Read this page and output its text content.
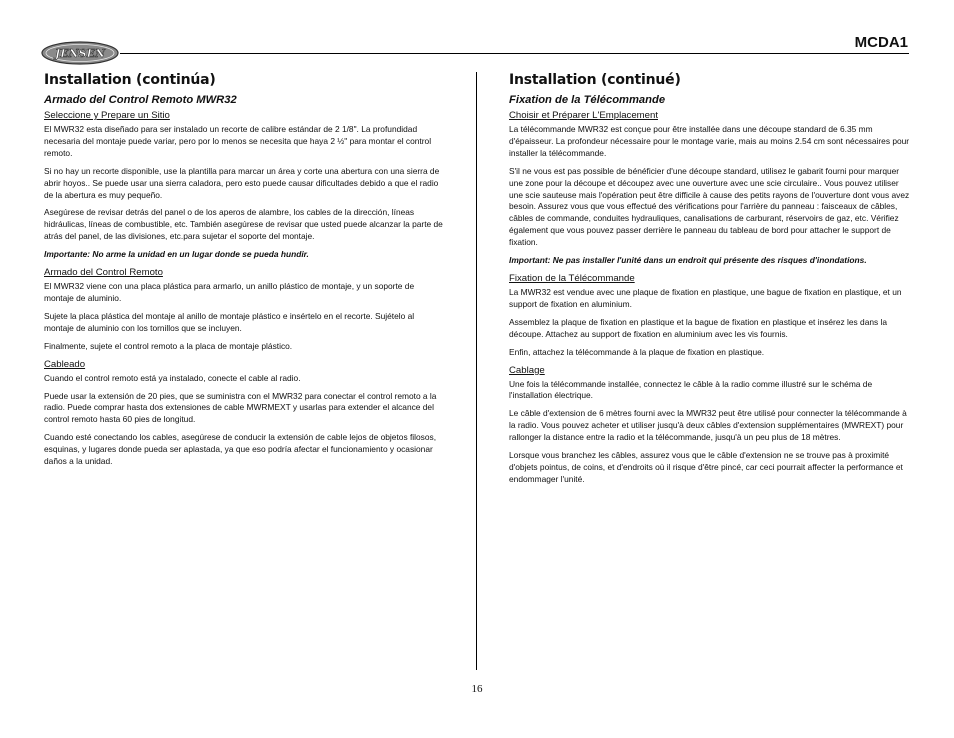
JENSEN
MCDA1
Installation (continúa)
Armado del Control Remoto MWR32
Seleccione y Prepare un Sitio

El MWR32 esta diseñado para ser instalado un recorte de calibre estándar de 2 1/8". La profundidad necesaria del montaje puede variar, pero por lo menos se necesita que haya 2 ½" para montar el control remoto.

Si no hay un recorte disponible, use la plantilla para marcar un área y corte una abertura con una sierra de abrir hoyos.. Se puede usar una sierra caladora, pero esto puede causar dificultades debido a que el radio de la abertura es muy pequeño.

Asegúrese de revisar detrás del panel o de los aperos de alambre, los cables de la dirección, líneas hidráulicas, líneas de combustible, etc. También asegúrese de revisar que usted puede alcanzar la parte de atrás del panel, de las divisiones, etc.para sujetar el soporte del montaje.

Importante: No arme la unidad en un lugar donde se pueda hundir.

Armado del Control Remoto

El MWR32 viene con una placa plástica para armarlo, un anillo plástico de montaje, y un soporte de montaje de aluminio.

Sujete la placa plástica del montaje al anillo de montaje plástico e insértelo en el recorte. Sujételo al montaje de aluminio con los tornillos que se incluyen.

Finalmente, sujete el control remoto a la placa de montaje plástico.

Cableado

Cuando el control remoto está ya instalado, conecte el cable al radio.

Puede usar la extensión de 20 pies, que se suministra con el MWR32 para conectar el control remoto a la radio. Puede comprar hasta dos extensiones de cable MWRMEXT y usarlas para extender el alcance del control remoto hasta 60 pies de longitud.

Cuando esté conectando los cables, asegúrese de conducir la extensión de cable lejos de objetos filosos, esquinas, y lugares donde pueda ser aplastada, ya que eso podría afectar el funcionamiento y ocasionar daños a la unidad.

Installation (continué)
Fixation de la Télécommande
Choisir et Préparer L'Emplacement

La télécommande MWR32 est conçue pour être installée dans une découpe standard de 6.35 mm d'épaisseur. La profondeur nécessaire pour le montage varie, mais au moins 2.54 cm sont nécessaires pour installer la télécommande.

S'il ne vous est pas possible de bénéficier d'une découpe standard, utilisez le gabarit fourni pour marquer une zone pour la découpe et découpez avec une ouverture avec une scie circulaire.. Vous pouvez utiliser une scie sauteuse mais l'opération peut être difficile à cause des petits rayons de l'ouverture dont vous avez besoin. Assurez vous que vous effectué des vérifications pour l'arrière du panneau : faisceaux de câbles, câbles de commande, conduites hydrauliques, canalisations de carburant, réservoirs de gaz, etc. Vérifiez également que vous pouvez passer derrière le panneau du tableau de bord pour attacher le support de fixation.

Important: Ne pas installer l'unité dans un endroit qui présente des risques d'inondations.

Fixation de la Télécommande

La MWR32 est vendue avec une plaque de fixation en plastique, une bague de fixation en plastique, et un support de fixation en aluminium.

Assemblez la plaque de fixation en plastique et la bague de fixation en plastique et insérez les dans la découpe. Attachez au support de fixation en aluminium avec les vis fournis.

Enfin, attachez la télécommande à la plaque de fixation en plastique.

Cablage

Une fois la télécommande installée, connectez le câble à la radio comme illustré sur le schéma de l'installation électrique.

Le câble d'extension de 6 mètres fourni avec la MWR32 peut être utilisé pour connecter la télécommande à la radio. Vous pouvez acheter et utiliser jusqu'à deux câbles d'extension supplémentaires (MWREXT) pour rallonger la distance entre la radio et la télécommande, jusqu'à un peu plus de 18 mètres.

Lorsque vous branchez les câbles, assurez vous que le câble d'extension ne se trouve pas à proximité d'objets pointus, de coins, et d'endroits où il risque d'être pincé, car ceci pourrait affecter la performance et endommager l'unité.

16
